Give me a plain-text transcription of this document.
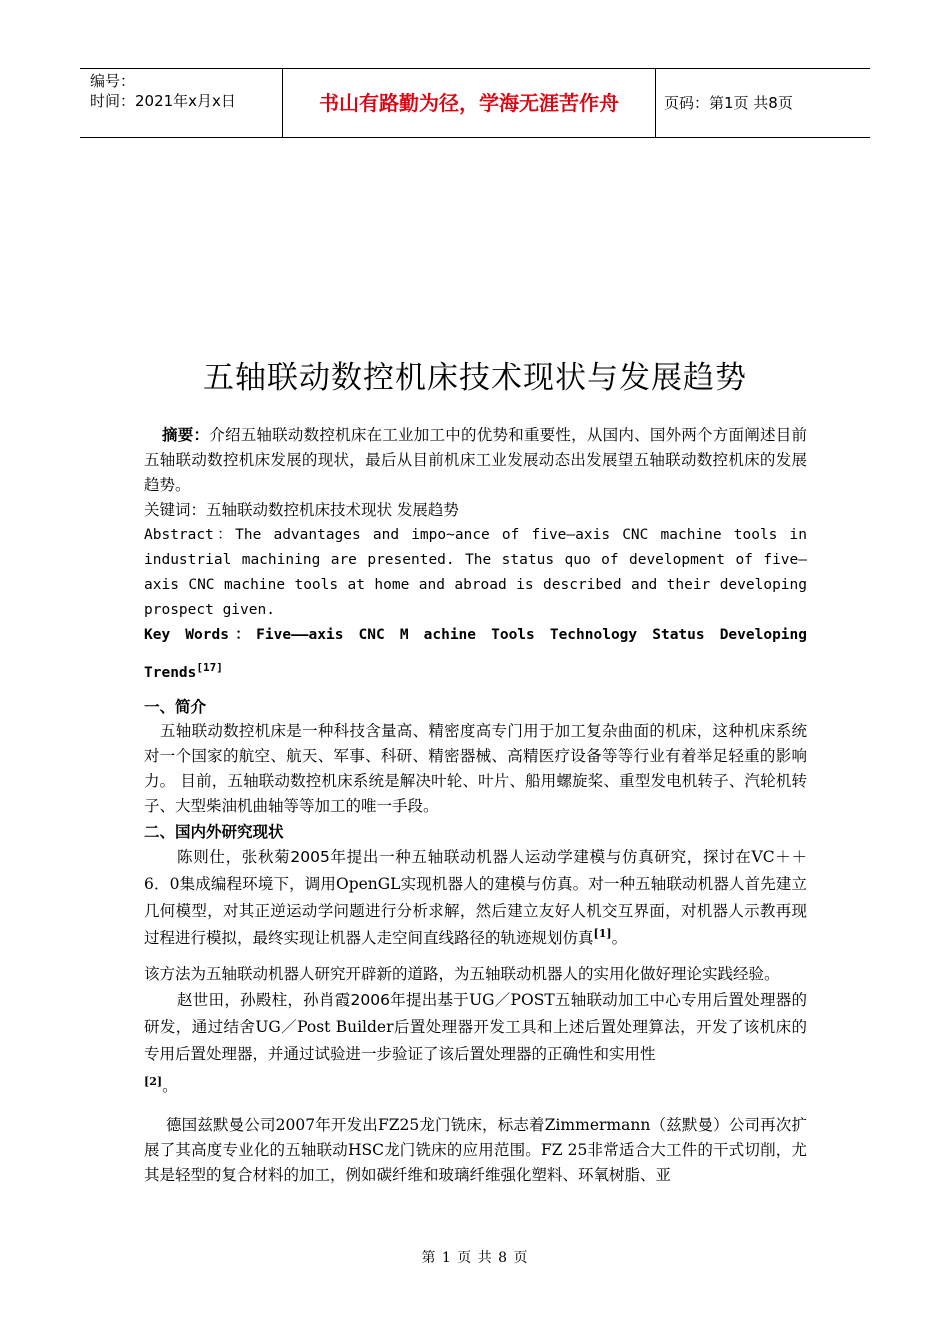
编号：
时间：2021年x月x日	书山有路勤为径，学海无涯苦作舟	页码：第1页 共8页
五轴联动数控机床技术现状与发展趋势

摘要：介绍五轴联动数控机床在工业加工中的优势和重要性，从国内、国外两个方面阐述目前五轴联动数控机床发展的现状，最后从目前机床工业发展动态出发展望五轴联动数控机床的发展趋势。

关键词：五轴联动数控机床技术现状 发展趋势

Abstract：The advantages and impo~ance of five—axis CNC machine tools in industrial machining are presented. The status quo of development of five—axis CNC machine tools at home and abroad is described and their developing prospect given.

Key Words：Five——axis CNC M achine Tools Technology Status Developing

Trends[17]

一、简介

五轴联动数控机床是一种科技含量高、精密度高专门用于加工复杂曲面的机床，这种机床系统对一个国家的航空、航天、军事、科研、精密器械、高精医疗设备等等行业有着举足轻重的影响力。 目前，五轴联动数控机床系统是解决叶轮、叶片、船用螺旋桨、重型发电机转子、汽轮机转子、大型柴油机曲轴等等加工的唯一手段。

二、国内外研究现状

陈则仕，张秋菊2005年提出一种五轴联动机器人运动学建模与仿真研究，探讨在VC＋＋6．0集成编程环境下，调用OpenGL实现机器人的建模与仿真。对一种五轴联动机器人首先建立几何模型，对其正逆运动学问题进行分析求解，然后建立友好人机交互界面，对机器人示教再现过程进行模拟，最终实现让机器人走空间直线路径的轨迹规划仿真[1]。

该方法为五轴联动机器人研究开辟新的道路，为五轴联动机器人的实用化做好理论实践经验。

赵世田，孙殿柱，孙肖霞2006年提出基于UG／POST五轴联动加工中心专用后置处理器的研发，通过结舍UG／Post Builder后置处理器开发工具和上述后置处理算法，开发了该机床的专用后置处理器，并通过试验进一步验证了该后置处理器的正确性和实用性

[2]。

德国兹默曼公司2007年开发出FZ25龙门铣床，标志着Zimmermann（兹默曼）公司再次扩展了其高度专业化的五轴联动HSC龙门铣床的应用范围。FZ 25非常适合大工件的干式切削，尤其是轻型的复合材料的加工，例如碳纤维和玻璃纤维强化塑料、环氧树脂、亚

第 1 页 共 8 页
